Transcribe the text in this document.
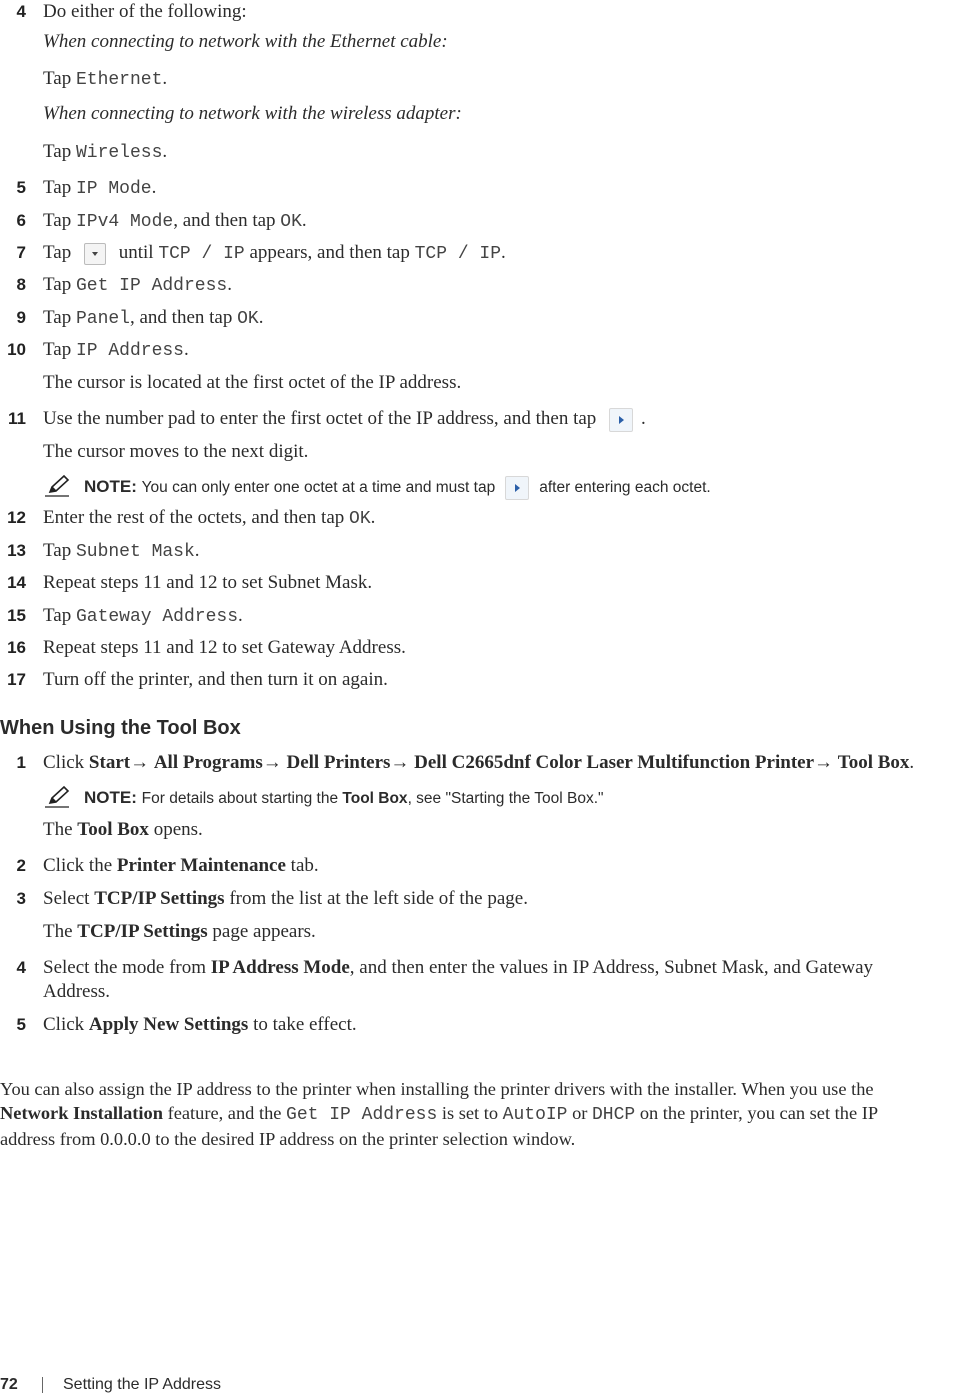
4 Do either of the following:
When connecting to network with the Ethernet cable:
Tap Ethernet.
When connecting to network with the wireless adapter:
Tap Wireless.
5 Tap IP Mode.
6 Tap IPv4 Mode, and then tap OK.
7 Tap
until TCP / IP appears, and then tap TCP / IP.
8 Tap Get IP Address.
9 Tap Panel, and then tap OK.
10 Tap IP Address.
The cursor is located at the first octet of the IP address.
11 Use the number pad to enter the first octet of the IP address, and then tap
.
The cursor moves to the next digit.
NOTE: You can only enter one octet at a time and must tap	after entering each octet.
12 Enter the rest of the octets, and then tap OK.
13 Tap Subnet Mask.
14 Repeat steps 11 and 12 to set Subnet Mask.
15 Tap Gateway Address.
16 Repeat steps 11 and 12 to set Gateway Address.
17 Turn off the printer, and then turn it on again.
When Using the Tool Box
1 Click Start→ All Programs→ Dell Printers→ Dell C2665dnf Color Laser Multifunction Printer→ Tool Box.
NOTE: For details about starting the Tool Box, see "Starting the Tool Box."
The Tool Box opens.
2 Click the Printer Maintenance tab.
3 Select TCP/IP Settings from the list at the left side of the page.
The TCP/IP Settings page appears.
4 Select the mode from IP Address Mode, and then enter the values in IP Address, Subnet Mask, and Gateway
Address.
5 Click Apply New Settings to take effect.
You can also assign the IP address to the printer when installing the printer drivers with the installer. When you use the
Network Installation feature, and the Get IP Address is set to AutoIP or DHCP on the printer, you can set the IP
address from 0.0.0.0 to the desired IP address on the printer selection window.
72	Setting the IP Address
